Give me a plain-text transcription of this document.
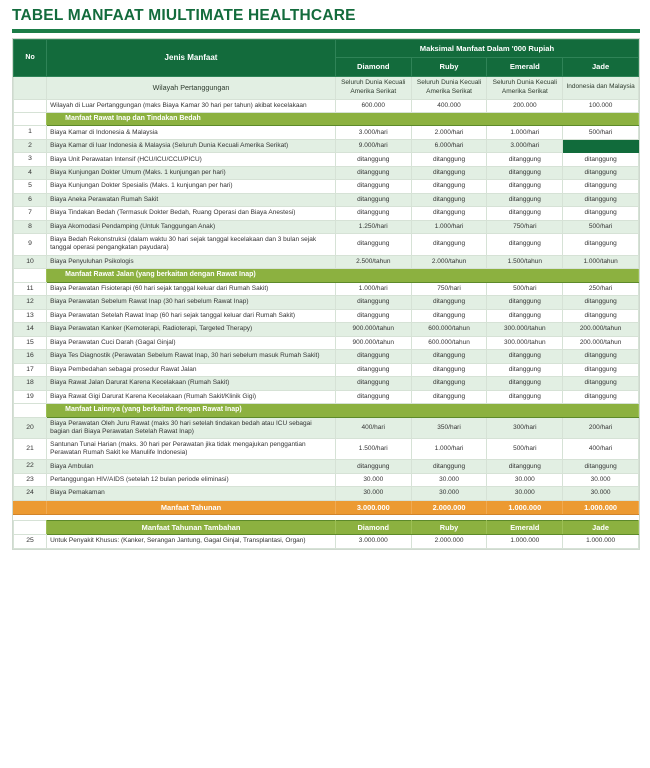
TABEL MANFAAT MIULTIMATE HEALTHCARE
No	Jenis Manfaat	Maksimal Manfaat Dalam '000 Rupiah			
		Diamond	Ruby	Emerald	Jade
	Wilayah Pertanggungan	Seluruh Dunia Kecuali Amerika Serikat	Seluruh Dunia Kecuali Amerika Serikat	Seluruh Dunia Kecuali Amerika Serikat	Indonesia dan Malaysia
	Wilayah di Luar Pertanggungan (maks Biaya Kamar 30 hari per tahun) akibat kecelakaan	600.000	400.000	200.000	100.000
	Manfaat Rawat Inap dan Tindakan Bedah				
1	Biaya Kamar di Indonesia & Malaysia	3.000/hari	2.000/hari	1.000/hari	500/hari
2	Biaya Kamar di luar Indonesia & Malaysia (Seluruh Dunia Kecuali Amerika Serikat)	9.000/hari	6.000/hari	3.000/hari	
3	Biaya Unit Perawatan Intensif (HCU/ICU/CCU/PICU)	ditanggung	ditanggung	ditanggung	ditanggung
4	Biaya Kunjungan Dokter Umum (Maks. 1 kunjungan per hari)	ditanggung	ditanggung	ditanggung	ditanggung
5	Biaya Kunjungan Dokter Spesialis (Maks. 1 kunjungan per hari)	ditanggung	ditanggung	ditanggung	ditanggung
6	Biaya Aneka Perawatan Rumah Sakit	ditanggung	ditanggung	ditanggung	ditanggung
7	Biaya Tindakan Bedah (Termasuk Dokter Bedah, Ruang Operasi dan Biaya Anestesi)	ditanggung	ditanggung	ditanggung	ditanggung
8	Biaya Akomodasi Pendamping (Untuk Tanggungan Anak)	1.250/hari	1.000/hari	750/hari	500/hari
9	Biaya Bedah Rekonstruksi (dalam waktu 30 hari sejak tanggal kecelakaan dan 3 bulan sejak tanggal operasi pengangkatan payudara)	ditanggung	ditanggung	ditanggung	ditanggung
10	Biaya Penyuluhan Psikologis	2.500/tahun	2.000/tahun	1.500/tahun	1.000/tahun
	Manfaat Rawat Jalan (yang berkaitan dengan Rawat Inap)				
11	Biaya Perawatan Fisioterapi (60 hari sejak tanggal keluar dari Rumah Sakit)	1.000/hari	750/hari	500/hari	250/hari
12	Biaya Perawatan Sebelum Rawat Inap (30 hari sebelum Rawat Inap)	ditanggung	ditanggung	ditanggung	ditanggung
13	Biaya Perawatan Setelah Rawat Inap (60 hari sejak tanggal keluar dari Rumah Sakit)	ditanggung	ditanggung	ditanggung	ditanggung
14	Biaya Perawatan Kanker (Kemoterapi, Radioterapi, Targeted Therapy)	900.000/tahun	600.000/tahun	300.000/tahun	200.000/tahun
15	Biaya Perawatan Cuci Darah (Gagal Ginjal)	900.000/tahun	600.000/tahun	300.000/tahun	200.000/tahun
16	Biaya Tes Diagnostik (Perawatan Sebelum Rawat Inap, 30 hari sebelum masuk Rumah Sakit)	ditanggung	ditanggung	ditanggung	ditanggung
17	Biaya Pembedahan sebagai prosedur Rawat Jalan	ditanggung	ditanggung	ditanggung	ditanggung
18	Biaya Rawat Jalan Darurat Karena Kecelakaan (Rumah Sakit)	ditanggung	ditanggung	ditanggung	ditanggung
19	Biaya Rawat Gigi Darurat Karena Kecelakaan (Rumah Sakit/Klinik Gigi)	ditanggung	ditanggung	ditanggung	ditanggung
	Manfaat Lainnya (yang berkaitan dengan Rawat Inap)				
20	Biaya Perawatan Oleh Juru Rawat (maks 30 hari setelah tindakan bedah atau ICU sebagai bagian dari Biaya Perawatan Setelah Rawat Inap)	400/hari	350/hari	300/hari	200/hari
21	Santunan Tunai Harian (maks. 30 hari per Perawatan jika tidak mengajukan penggantian Perawatan Rumah Sakit ke Manulife Indonesia)	1.500/hari	1.000/hari	500/hari	400/hari
22	Biaya Ambulan	ditanggung	ditanggung	ditanggung	ditanggung
23	Pertanggungan HIV/AIDS (setelah 12 bulan periode eliminasi)	30.000	30.000	30.000	30.000
24	Biaya Pemakaman	30.000	30.000	30.000	30.000
	Manfaat Tahunan	3.000.000	2.000.000	1.000.000	1.000.000

	Manfaat Tahunan Tambahan	Diamond	Ruby	Emerald	Jade
25	Untuk Penyakit Khusus: (Kanker, Serangan Jantung, Gagal Ginjal, Transplantasi, Organ)	3.000.000	2.000.000	1.000.000	1.000.000
